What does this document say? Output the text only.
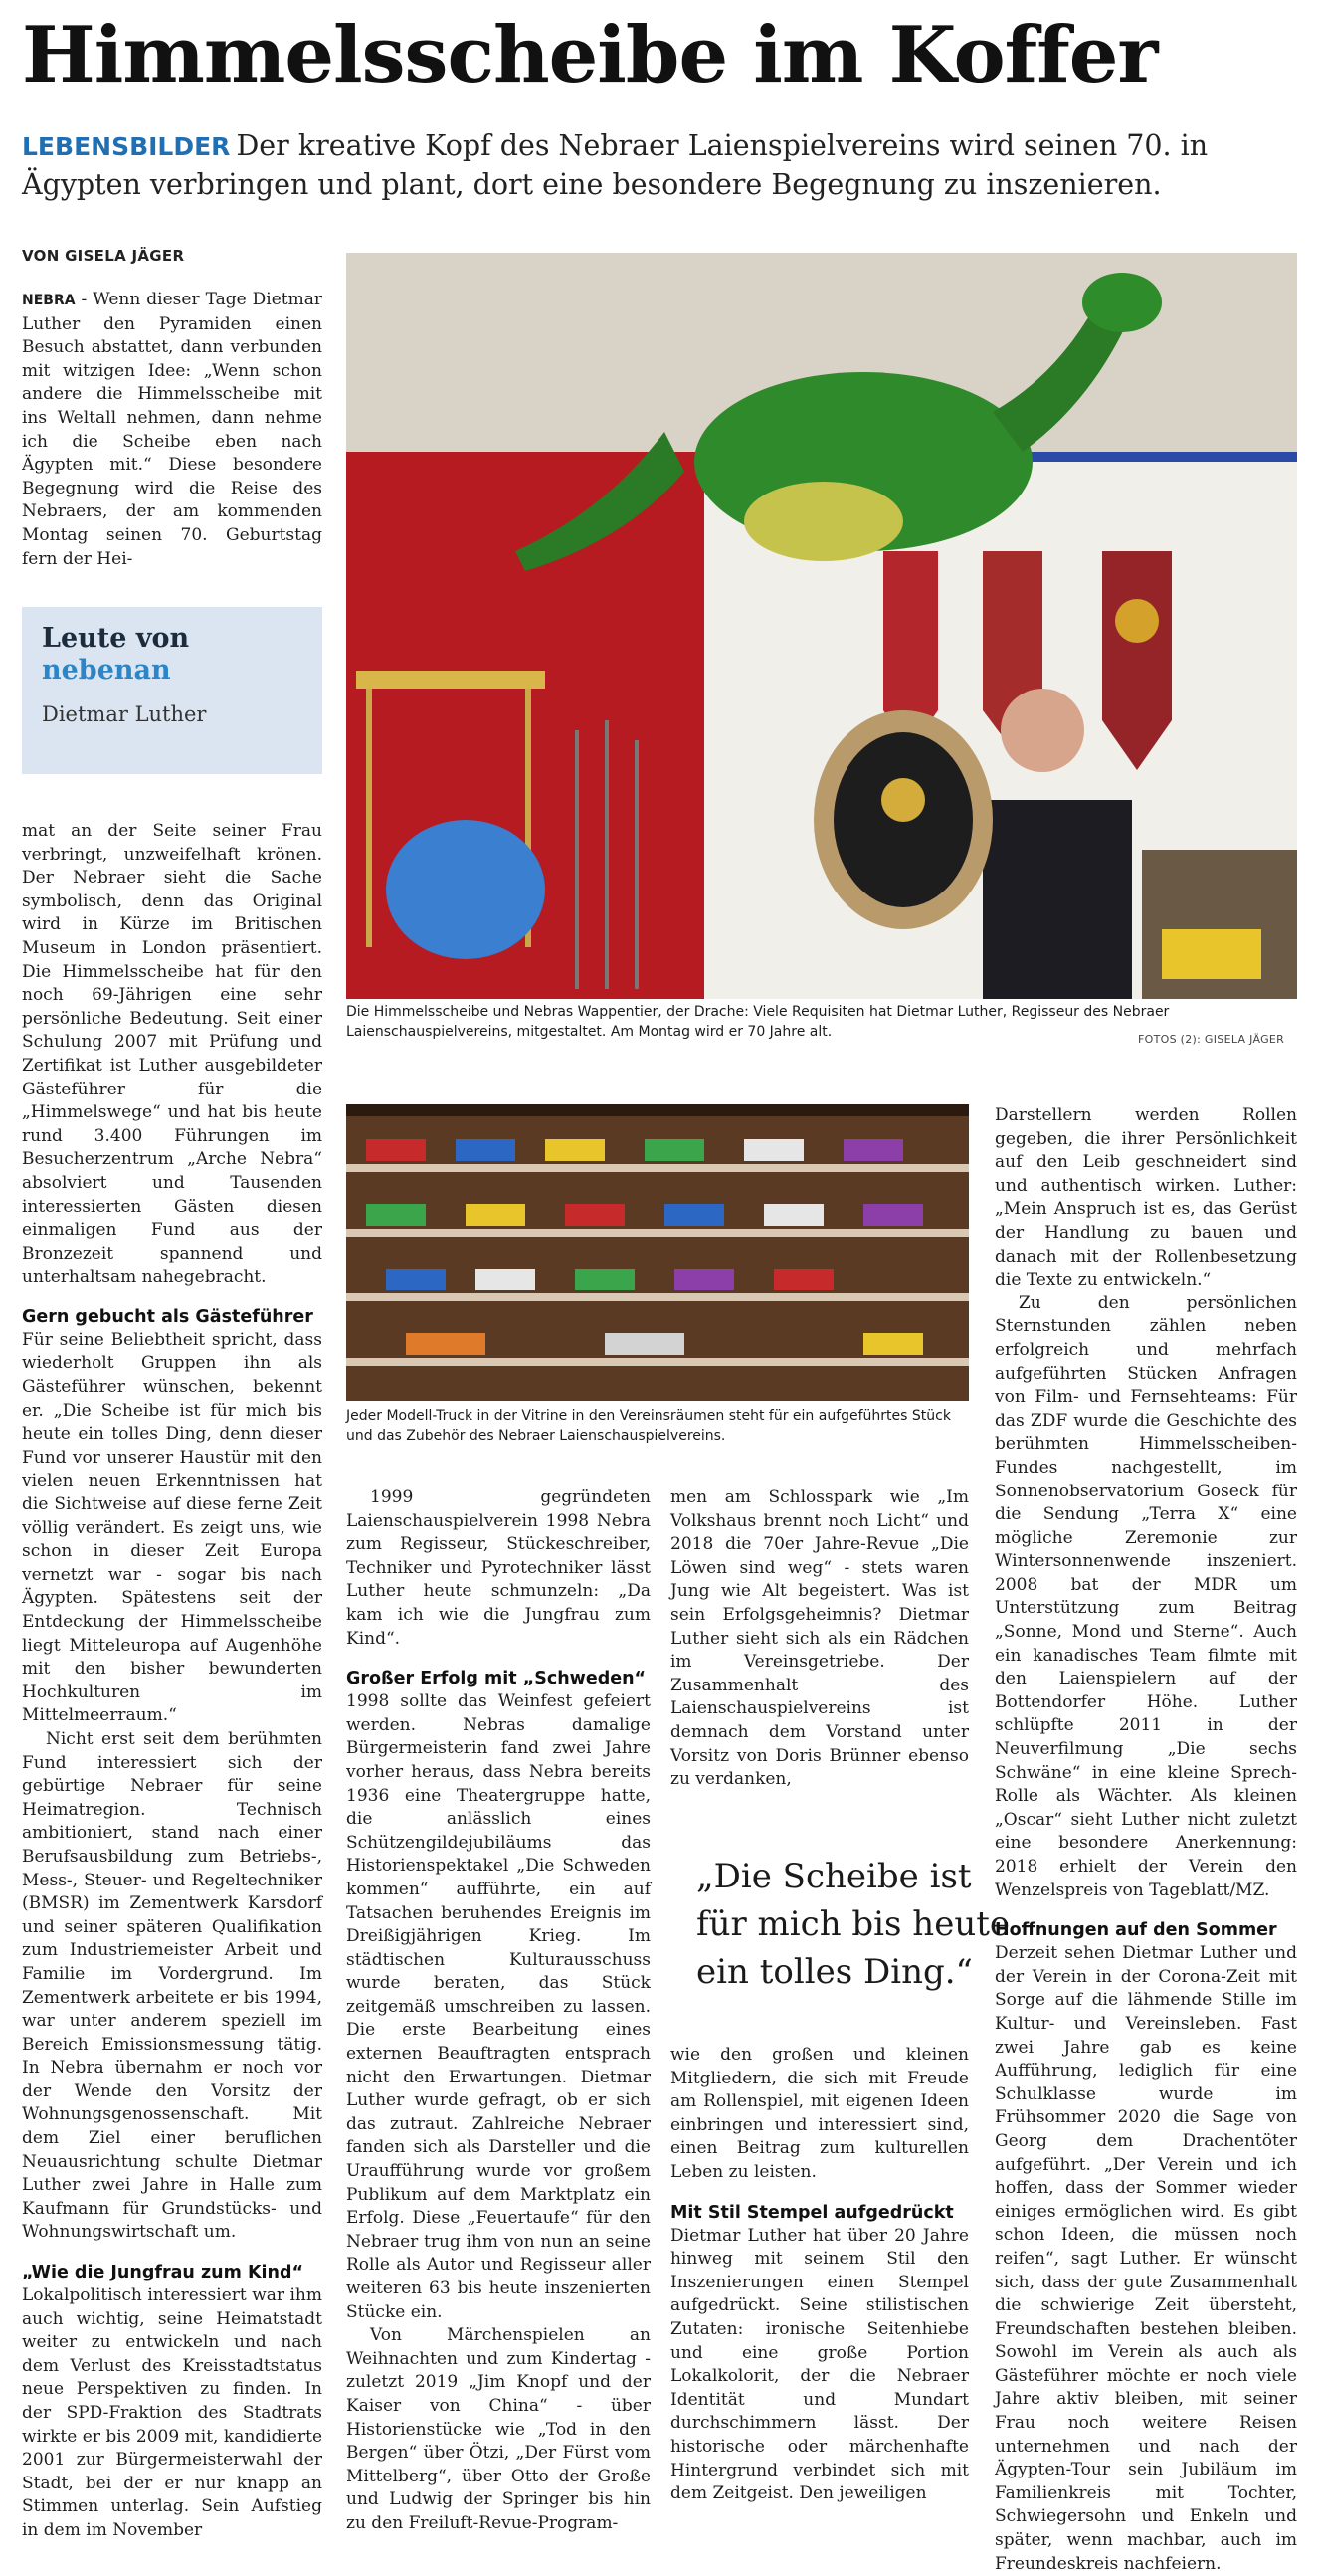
Himmelsscheibe im Koffer
LEBENSBILDER Der kreative Kopf des Nebraer Laienspielvereins wird seinen 70. in Ägypten verbringen und plant, dort eine besondere Begegnung zu inszenieren.
VON GISELA JÄGER

NEBRA - Wenn dieser Tage Dietmar Luther den Pyramiden einen Besuch abstattet, dann verbunden mit witzigen Idee: „Wenn schon andere die Himmelsscheibe mit ins Weltall nehmen, dann nehme ich die Scheibe eben nach Ägypten mit.“ Diese besondere Begegnung wird die Reise des Nebraers, der am kommenden Montag seinen 70. Geburtstag fern der Hei-

Leute von
nebenan
Dietmar Luther

mat an der Seite seiner Frau verbringt, unzweifelhaft krönen. Der Nebraer sieht die Sache symbolisch, denn das Original wird in Kürze im Britischen Museum in London präsentiert. Die Himmelsscheibe hat für den noch 69-Jährigen eine sehr persönliche Bedeutung. Seit einer Schulung 2007 mit Prüfung und Zertifikat ist Luther ausgebildeter Gästeführer für die „Himmelswege“ und hat bis heute rund 3.400 Führungen im Besucherzentrum „Arche Nebra“ absolviert und Tausenden interessierten Gästen diesen einmaligen Fund aus der Bronzezeit spannend und unterhaltsam nahegebracht.

Gern gebucht als Gästeführer

Für seine Beliebtheit spricht, dass wiederholt Gruppen ihn als Gästeführer wünschen, bekennt er. „Die Scheibe ist für mich bis heute ein tolles Ding, denn dieser Fund vor unserer Haustür mit den vielen neuen Erkenntnissen hat die Sichtweise auf diese ferne Zeit völlig verändert. Es zeigt uns, wie schon in dieser Zeit Europa vernetzt war - sogar bis nach Ägypten. Spätestens seit der Entdeckung der Himmelsscheibe liegt Mitteleuropa auf Augenhöhe mit den bisher bewunderten Hochkulturen im Mittelmeerraum.“

Nicht erst seit dem berühmten Fund interessiert sich der gebürtige Nebraer für seine Heimatregion. Technisch ambitioniert, stand nach einer Berufsausbildung zum Betriebs-, Mess-, Steuer- und Regeltechniker (BMSR) im Zementwerk Karsdorf und seiner späteren Qualifikation zum Industriemeister Arbeit und Familie im Vordergrund. Im Zementwerk arbeitete er bis 1994, war unter anderem speziell im Bereich Emissionsmessung tätig. In Nebra übernahm er noch vor der Wende den Vorsitz der Wohnungsgenossenschaft. Mit dem Ziel einer beruflichen Neuausrichtung schulte Dietmar Luther zwei Jahre in Halle zum Kaufmann für Grundstücks- und Wohnungswirtschaft um.

„Wie die Jungfrau zum Kind“

Lokalpolitisch interessiert war ihm auch wichtig, seine Heimatstadt weiter zu entwickeln und nach dem Verlust des Kreisstadtstatus neue Perspektiven zu finden. In der SPD-Fraktion des Stadtrats wirkte er bis 2009 mit, kandidierte 2001 zur Bürgermeisterwahl der Stadt, bei der er nur knapp an Stimmen unterlag. Sein Aufstieg in dem im November

Die Himmelsscheibe und Nebras Wappentier, der Drache: Viele Requisiten hat Dietmar Luther, Regisseur des Nebraer Laienschauspielvereins, mitgestaltet. Am Montag wird er 70 Jahre alt.	FOTOS (2): GISELA JÄGER
Jeder Modell-Truck in der Vitrine in den Vereinsräumen steht für ein aufgeführtes Stück und das Zubehör des Nebraer Laienschauspielvereins.

1999 gegründeten Laienschauspielverein 1998 Nebra zum Regisseur, Stückeschreiber, Techniker und Pyrotechniker lässt Luther heute schmunzeln: „Da kam ich wie die Jungfrau zum Kind“.

Großer Erfolg mit „Schweden“

1998 sollte das Weinfest gefeiert werden. Nebras damalige Bürgermeisterin fand zwei Jahre vorher heraus, dass Nebra bereits 1936 eine Theatergruppe hatte, die anlässlich eines Schützengildejubiläums das Historienspektakel „Die Schweden kommen“ aufführte, ein auf Tatsachen beruhendes Ereignis im Dreißigjährigen Krieg. Im städtischen Kulturausschuss wurde beraten, das Stück zeitgemäß umschreiben zu lassen. Die erste Bearbeitung eines externen Beauftragten entsprach nicht den Erwartungen. Dietmar Luther wurde gefragt, ob er sich das zutraut. Zahlreiche Nebraer fanden sich als Darsteller und die Uraufführung wurde vor großem Publikum auf dem Marktplatz ein Erfolg. Diese „Feuertaufe“ für den Nebraer trug ihm von nun an seine Rolle als Autor und Regisseur aller weiteren 63 bis heute inszenierten Stücke ein.

Von Märchenspielen an Weihnachten und zum Kindertag - zuletzt 2019 „Jim Knopf und der Kaiser von China“ - über Historienstücke wie „Tod in den Bergen“ über Ötzi, „Der Fürst vom Mittelberg“, über Otto der Große und Ludwig der Springer bis hin zu den Freiluft-Revue-Program-

men am Schlosspark wie „Im Volkshaus brennt noch Licht“ und 2018 die 70er Jahre-Revue „Die Löwen sind weg“ - stets waren Jung wie Alt begeistert. Was ist sein Erfolgsgeheimnis? Dietmar Luther sieht sich als ein Rädchen im Vereinsgetriebe. Der Zusammenhalt des Laienschauspielvereins ist demnach dem Vorstand unter Vorsitz von Doris Brünner ebenso zu verdanken,

„Die Scheibe ist für mich bis heute ein tolles Ding.“

wie den großen und kleinen Mitgliedern, die sich mit Freude am Rollenspiel, mit eigenen Ideen einbringen und interessiert sind, einen Beitrag zum kulturellen Leben zu leisten.

Mit Stil Stempel aufgedrückt

Dietmar Luther hat über 20 Jahre hinweg mit seinem Stil den Inszenierungen einen Stempel aufgedrückt. Seine stilistischen Zutaten: ironische Seitenhiebe und eine große Portion Lokalkolorit, der die Nebraer Identität und Mundart durchschimmern lässt. Der historische oder märchenhafte Hintergrund verbindet sich mit dem Zeitgeist. Den jeweiligen

Darstellern werden Rollen gegeben, die ihrer Persönlichkeit auf den Leib geschneidert sind und authentisch wirken. Luther: „Mein Anspruch ist es, das Gerüst der Handlung zu bauen und danach mit der Rollenbesetzung die Texte zu entwickeln.“

Zu den persönlichen Sternstunden zählen neben erfolgreich und mehrfach aufgeführten Stücken Anfragen von Film- und Fernsehteams: Für das ZDF wurde die Geschichte des berühmten Himmelsscheiben-Fundes nachgestellt, im Sonnenobservatorium Goseck für die Sendung „Terra X“ eine mögliche Zeremonie zur Wintersonnenwende inszeniert. 2008 bat der MDR um Unterstützung zum Beitrag „Sonne, Mond und Sterne“. Auch ein kanadisches Team filmte mit den Laienspielern auf der Bottendorfer Höhe. Luther schlüpfte 2011 in der Neuverfilmung „Die sechs Schwäne“ in eine kleine Sprech-Rolle als Wächter. Als kleinen „Oscar“ sieht Luther nicht zuletzt eine besondere Anerkennung: 2018 erhielt der Verein den Wenzelspreis von Tageblatt/MZ.

Hoffnungen auf den Sommer

Derzeit sehen Dietmar Luther und der Verein in der Corona-Zeit mit Sorge auf die lähmende Stille im Kultur- und Vereinsleben. Fast zwei Jahre gab es keine Aufführung, lediglich für eine Schulklasse wurde im Frühsommer 2020 die Sage von Georg dem Drachentöter aufgeführt. „Der Verein und ich hoffen, dass der Sommer wieder einiges ermöglichen wird. Es gibt schon Ideen, die müssen noch reifen“, sagt Luther. Er wünscht sich, dass der gute Zusammenhalt die schwierige Zeit übersteht, Freundschaften bestehen bleiben. Sowohl im Verein als auch als Gästeführer möchte er noch viele Jahre aktiv bleiben, mit seiner Frau noch weitere Reisen unternehmen und nach der Ägypten-Tour sein Jubiläum im Familienkreis mit Tochter, Schwiegersohn und Enkeln und später, wenn machbar, auch im Freundeskreis nachfeiern.
